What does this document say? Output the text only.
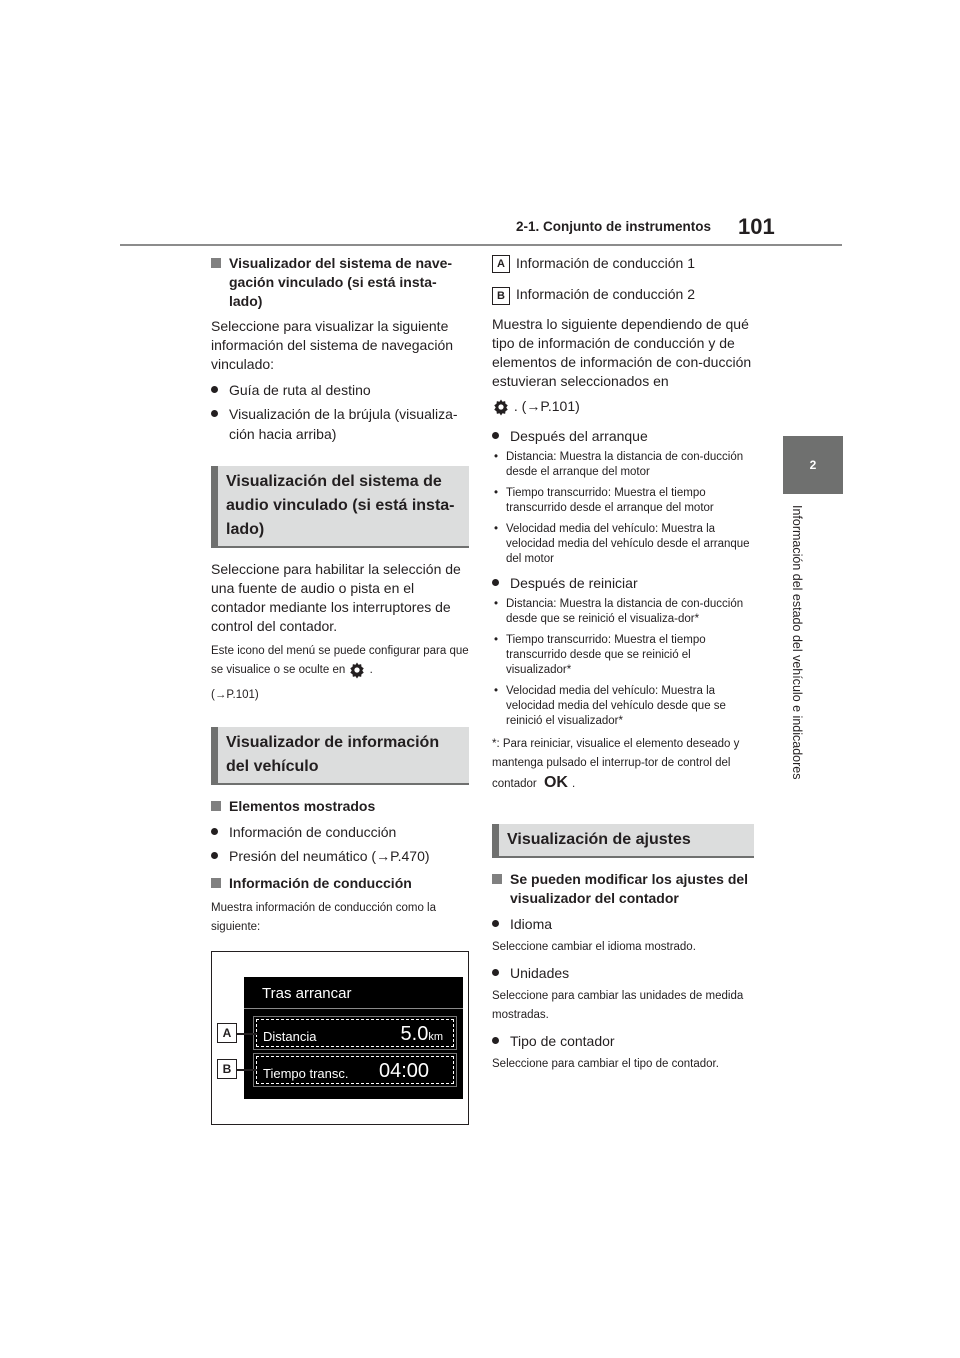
2-1. Conjunto de instrumentos 101
2
Información del estado del vehículo e indicadores
Visualizador del sistema de nave-gación vinculado (si está insta-lado)
Seleccione para visualizar la siguiente información del sistema de navegación vinculado:
Guía de ruta al destino
Visualización de la brújula (visualiza-ción hacia arriba)
Visualización del sistema de audio vinculado (si está insta-lado)
Seleccione para habilitar la selección de una fuente de audio o pista en el contador mediante los interruptores de control del contador.
Este icono del menú se puede configurar para que se visualice o se oculte en .
(→P.101)
Visualizador de información del vehículo
Elementos mostrados
Información de conducción
Presión del neumático (→P.470)
Información de conducción
Muestra información de conducción como la siguiente:
Tras arrancar
Distancia	5.0km
Tiempo transc. 04:00
A
B
A Información de conducción 1
B Información de conducción 2
Muestra lo siguiente dependiendo de qué tipo de información de conducción y de elementos de información de con-ducción estuvieran seleccionados en
. (→P.101)
Después del arranque
• Distancia: Muestra la distancia de con-ducción desde el arranque del motor
• Tiempo transcurrido: Muestra el tiempo transcurrido desde el arranque del motor
• Velocidad media del vehículo: Muestra la velocidad media del vehículo desde el arranque del motor
Después de reiniciar
• Distancia: Muestra la distancia de con-ducción desde que se reinició el visualiza-dor*
• Tiempo transcurrido: Muestra el tiempo transcurrido desde que se reinició el visualizador*
• Velocidad media del vehículo: Muestra la velocidad media del vehículo desde que se reinició el visualizador*
*: Para reiniciar, visualice el elemento deseado y mantenga pulsado el interrup-tor de control del contador OK .
Visualización de ajustes
Se pueden modificar los ajustes del visualizador del contador
Idioma
Seleccione cambiar el idioma mostrado.
Unidades
Seleccione para cambiar las unidades de medida mostradas.
Tipo de contador
Seleccione para cambiar el tipo de contador.
